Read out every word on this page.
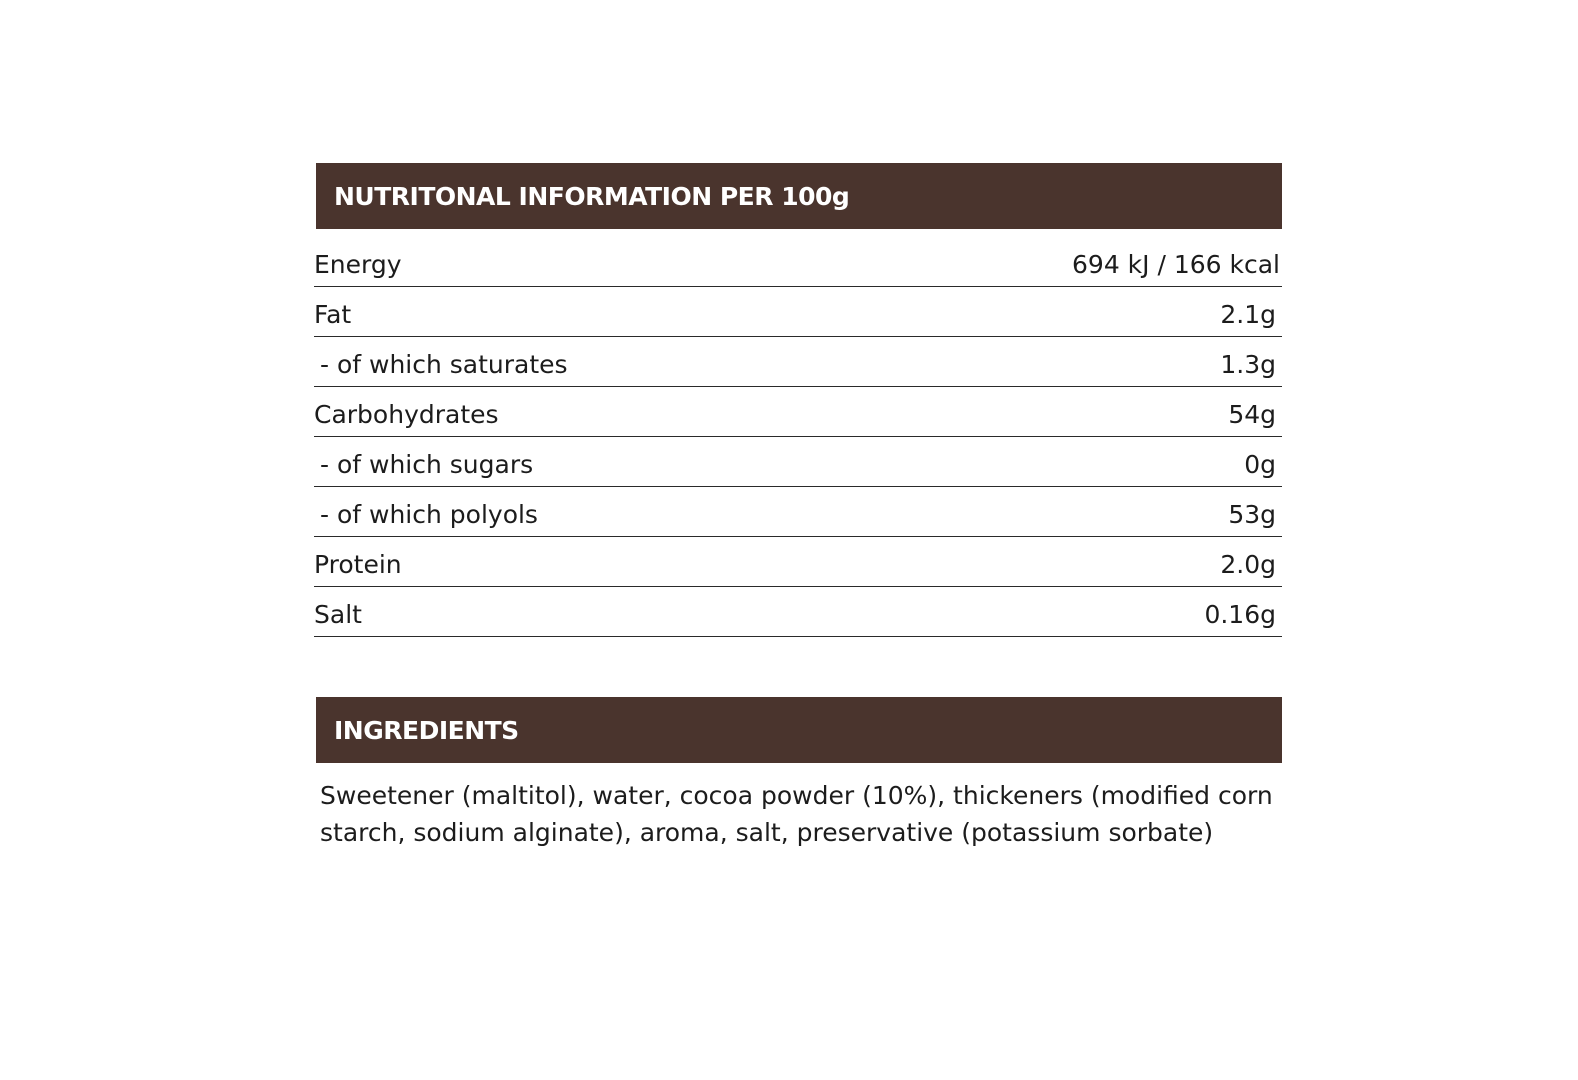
NUTRITONAL INFORMATION PER 100g
Energy	694 kJ / 166 kcal
Fat	2.1g
- of which saturates	1.3g
Carbohydrates	54g
- of which sugars	0g
- of which polyols	53g
Protein	2.0g
Salt	0.16g
INGREDIENTS

Sweetener (maltitol), water, cocoa powder (10%), thickeners (modified corn starch, sodium alginate), aroma, salt, preservative (potassium sorbate)
